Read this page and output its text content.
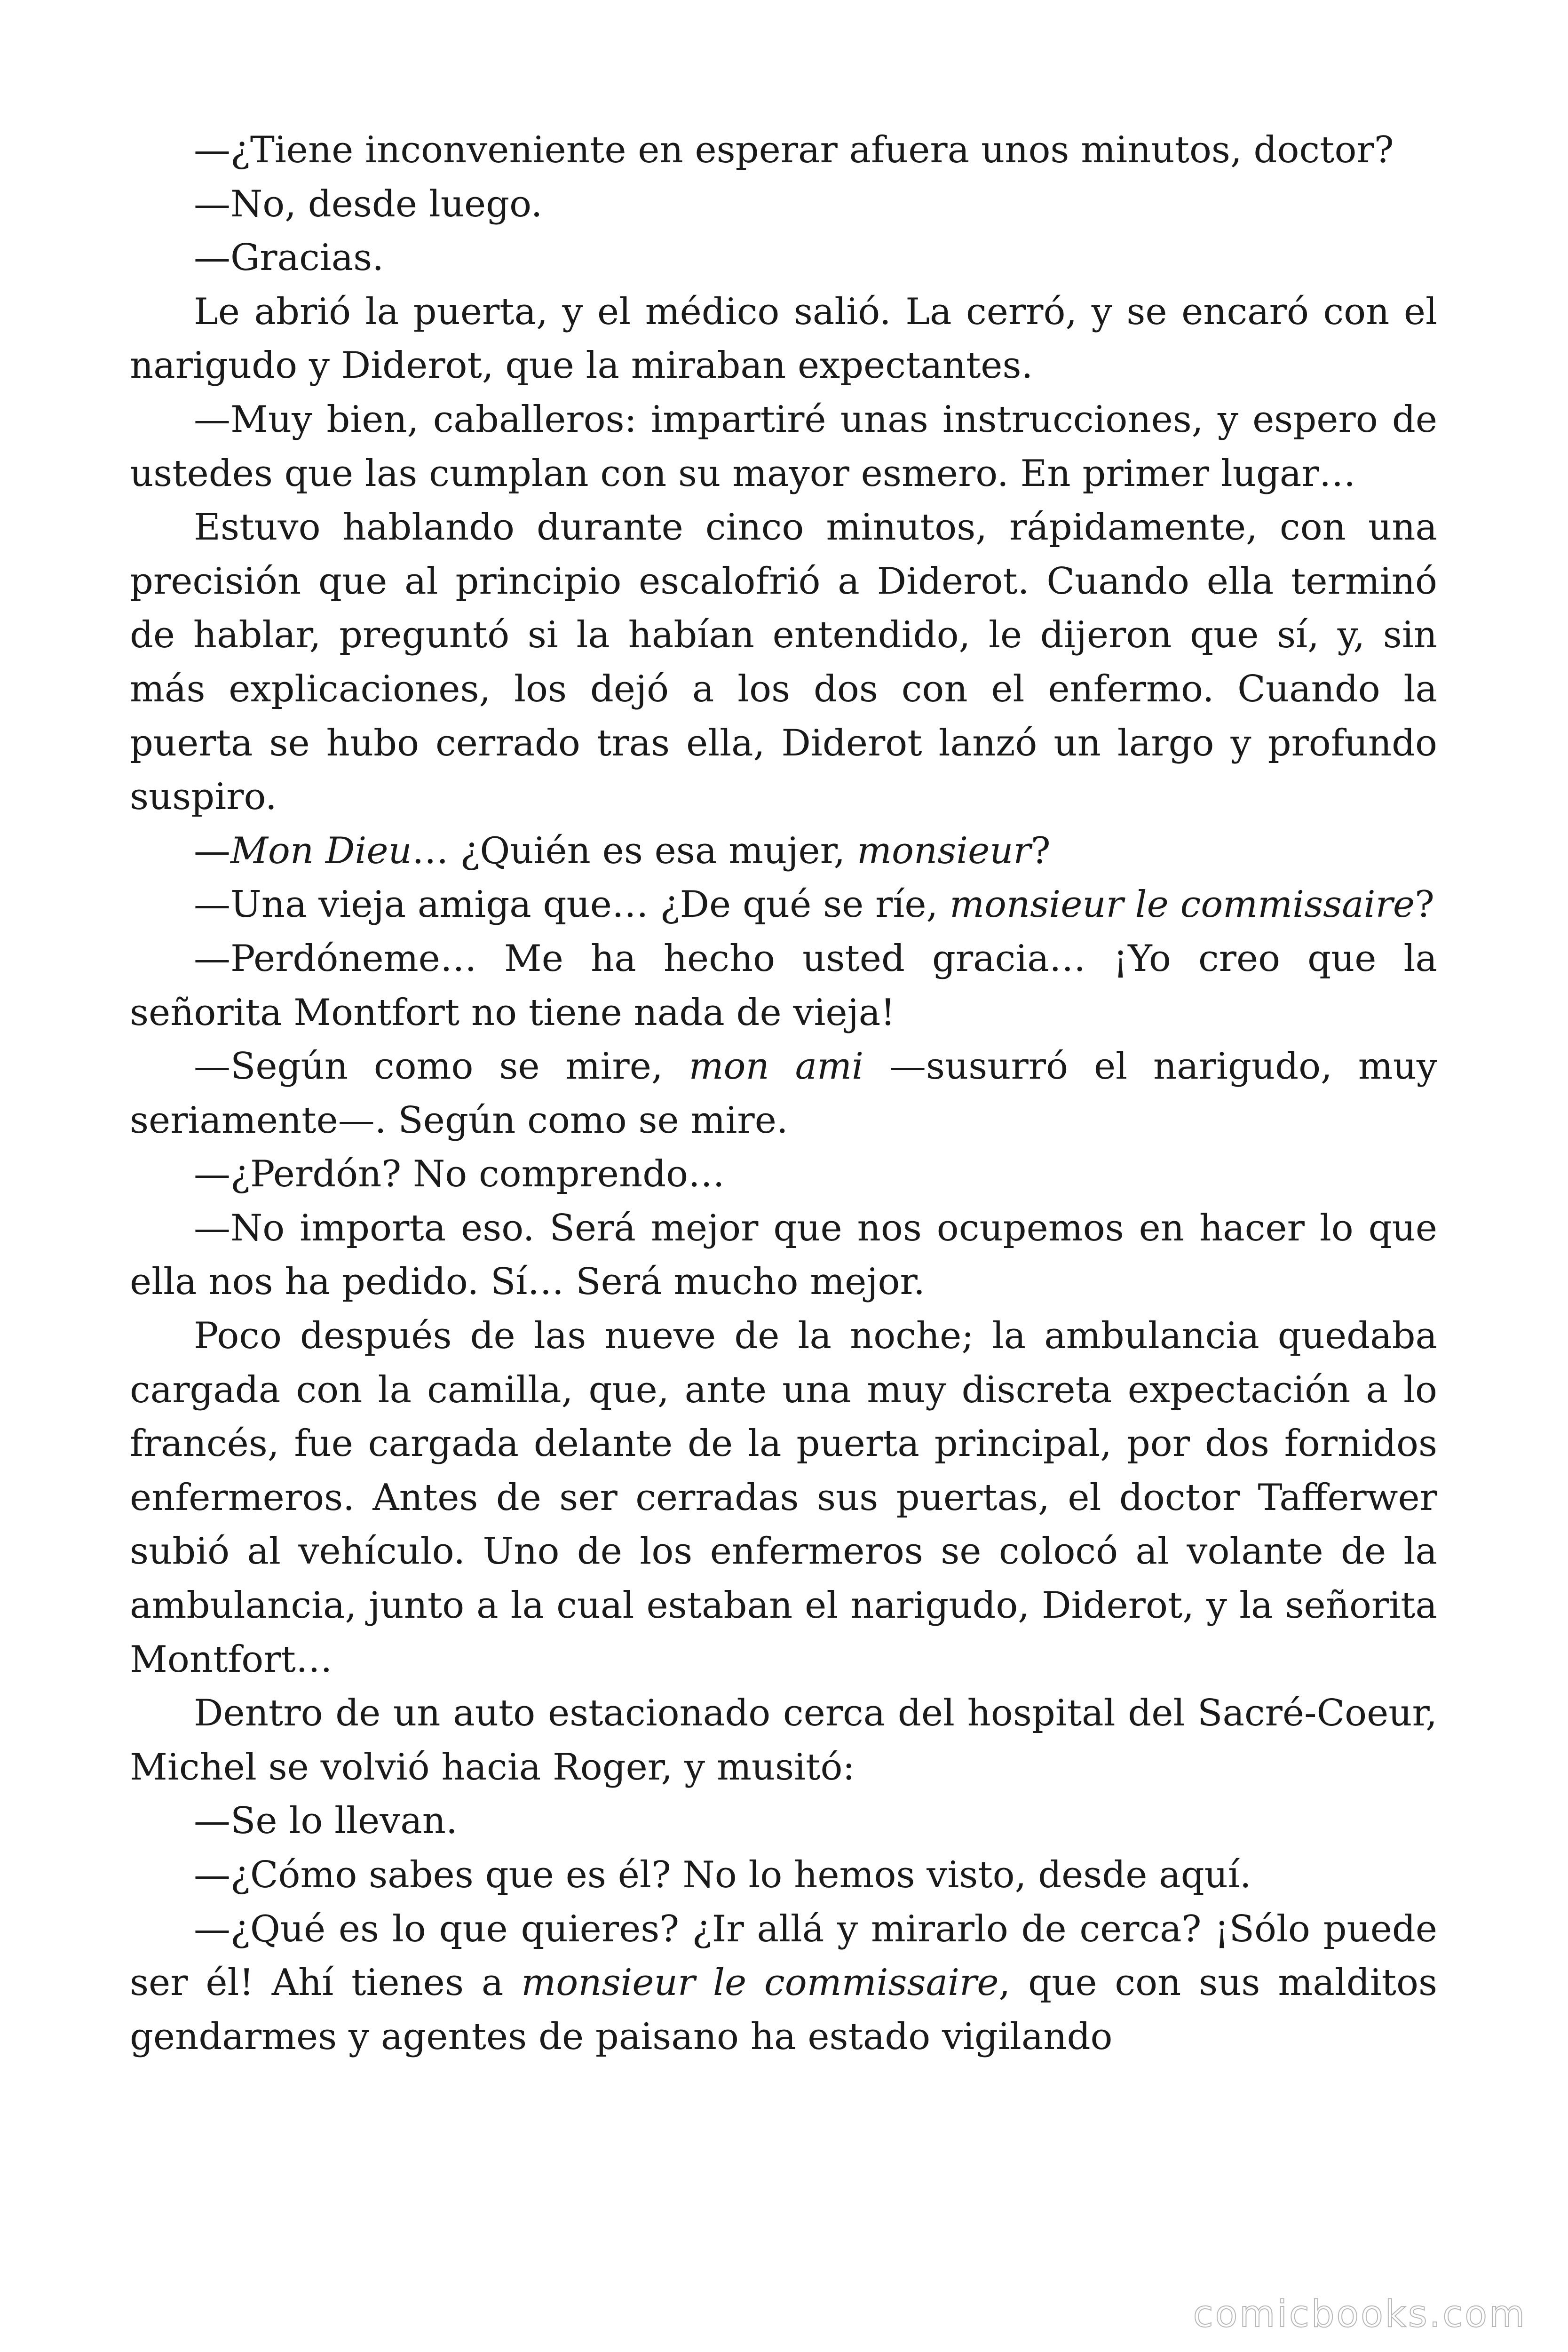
—¿Tiene inconveniente en esperar afuera unos minutos, doctor?

—No, desde luego.

—Gracias.

Le abrió la puerta, y el médico salió. La cerró, y se encaró con el narigudo y Diderot, que la miraban expectantes.

—Muy bien, caballeros: impartiré unas instrucciones, y espero de ustedes que las cumplan con su mayor esmero. En primer lugar…

Estuvo hablando durante cinco minutos, rápidamente, con una precisión que al principio escalofrió a Diderot. Cuando ella terminó de hablar, preguntó si la habían entendido, le dijeron que sí, y, sin más explicaciones, los dejó a los dos con el enfermo. Cuando la puerta se hubo cerrado tras ella, Diderot lanzó un largo y profundo suspiro.

—Mon Dieu… ¿Quién es esa mujer, monsieur?

—Una vieja amiga que… ¿De qué se ríe, monsieur le commissaire?

—Perdóneme… Me ha hecho usted gracia… ¡Yo creo que la señorita Montfort no tiene nada de vieja!

—Según como se mire, mon ami —susurró el narigudo, muy seriamente—. Según como se mire.

—¿Perdón? No comprendo…

—No importa eso. Será mejor que nos ocupemos en hacer lo que ella nos ha pedido. Sí… Será mucho mejor.

Poco después de las nueve de la noche; la ambulancia quedaba cargada con la camilla, que, ante una muy discreta expectación a lo francés, fue cargada delante de la puerta principal, por dos fornidos enfermeros. Antes de ser cerradas sus puertas, el doctor Tafferwer subió al vehículo. Uno de los enfermeros se colocó al volante de la ambulancia, junto a la cual estaban el narigudo, Diderot, y la señorita Montfort…

Dentro de un auto estacionado cerca del hospital del Sacré-Coeur, Michel se volvió hacia Roger, y musitó:

—Se lo llevan.

—¿Cómo sabes que es él? No lo hemos visto, desde aquí.

—¿Qué es lo que quieres? ¿Ir allá y mirarlo de cerca? ¡Sólo puede ser él! Ahí tienes a monsieur le commissaire, que con sus malditos gendarmes y agentes de paisano ha estado vigilando

comicbooks.com
